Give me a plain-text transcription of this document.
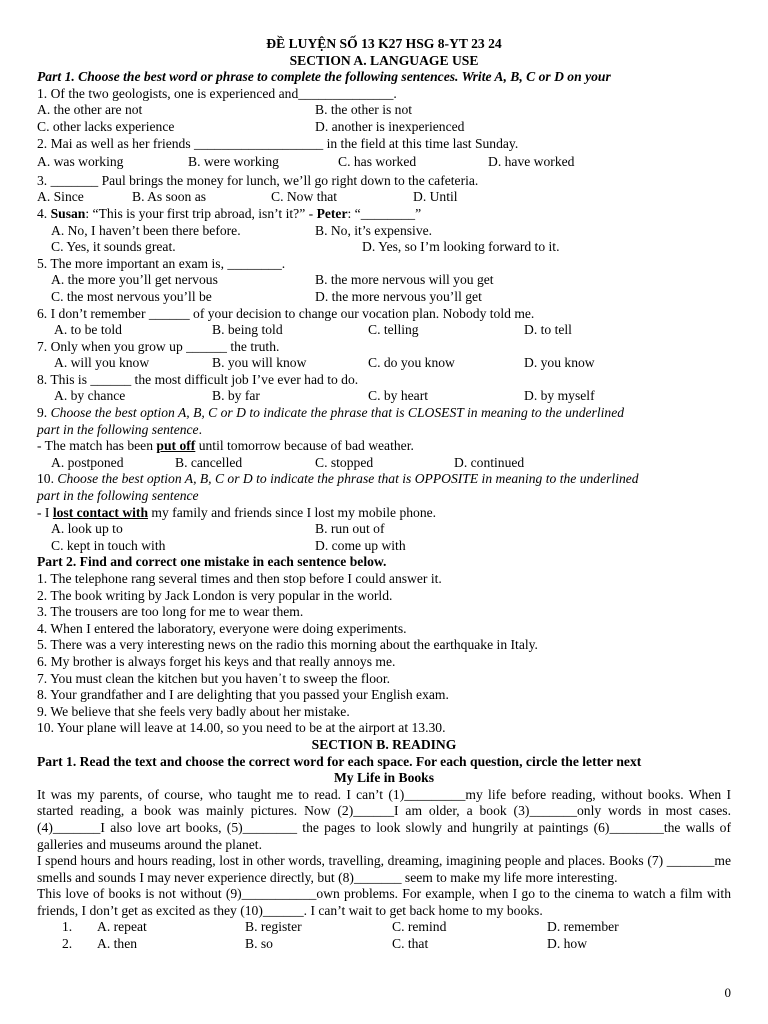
ĐỀ LUYỆN SỐ 13 K27 HSG 8-YT 23 24
SECTION A. LANGUAGE USE
Part 1. Choose the best word or phrase to complete the following sentences. Write A, B, C or D on your
1. Of the two geologists, one is experienced and______________.
A. the other are not	B. the other is not
C. other lacks experience	D. another is inexperienced
2. Mai as well as her friends ___________________ in the field at this time last Sunday.
A. was working	B. were working	C. has worked	D. have worked
3. _______ Paul brings the money for lunch, we’ll go right down to the cafeteria.
A. Since	B. As soon as	C. Now that	D. Until
4. Susan: “This is your first trip abroad, isn’t it?” - Peter: “________”
A. No, I haven’t been there before.	B. No, it’s expensive.
C. Yes, it sounds great.	D. Yes, so I’m looking forward to it.
5. The more important an exam is, ________.
A. the more you’ll get nervous	B. the more nervous will you get
C. the most nervous you’ll be	D. the more nervous you’ll get
6. I don’t remember ______ of your decision to change our vocation plan. Nobody told me.
A. to be told	B. being told	C. telling	D. to tell
7. Only when you grow up ______ the truth.
A. will you know	B. you will know	C. do you know	D. you know
8. This is ______ the most difficult job I’ve ever had to do.
A. by chance	B. by far	C. by heart	D. by myself
9. Choose the best option A, B, C or D to indicate the phrase that is CLOSEST in meaning to the underlined
part in the following sentence.
- The match has been put off until tomorrow because of bad weather.
A. postponed	B. cancelled	C. stopped	D. continued
10. Choose the best option A, B, C or D to indicate the phrase that is OPPOSITE in meaning to the underlined
part in the following sentence
- I lost contact with my family and friends since I lost my mobile phone.
A. look up to	B. run out of
C. kept in touch with	D. come up with
Part 2. Find and correct one mistake in each sentence below.
1. The telephone rang several times and then stop before I could answer it.
2. The book writing by Jack London is very popular in the world.
3. The trousers are too long for me to wear them.
4. When I entered the laboratory, everyone were doing experiments.
5. There was a very interesting news on the radio this morning about the earthquake in Italy.
6. My brother is always forget his keys and that really annoys me.
7. You must clean the kitchen but you haven᾽t to sweep the floor.
8. Your grandfather and I are delighting that you passed your English exam.
9. We believe that she feels very badly about her mistake.
10. Your plane will leave at 14.00, so you need to be at the airport at 13.30.
SECTION B. READING
Part 1. Read the text and choose the correct word for each space. For each question, circle the letter next
My Life in Books
It was my parents, of course, who taught me to read. I can’t (1)_________my life before reading, without books. When I started reading, a book was mainly pictures. Now (2)______I am older, a book (3)_______only words in most cases. (4)_______I also love art books, (5)________ the pages to look slowly and hungrily at paintings (6)________the walls of galleries and museums around the planet.
I spend hours and hours reading, lost in other words, travelling, dreaming, imagining people and places. Books (7) _______me smells and sounds I may never experience directly, but (8)_______ seem to make my life more interesting.
This love of books is not without (9)___________own problems. For example, when I go to the cinema to watch a film with friends, I don’t get as excited as they (10)______. I can’t wait to get back home to my books.
1. A. repeat	B. register	C. remind	D. remember
2. A. then	B. so	C. that	D. how
0
